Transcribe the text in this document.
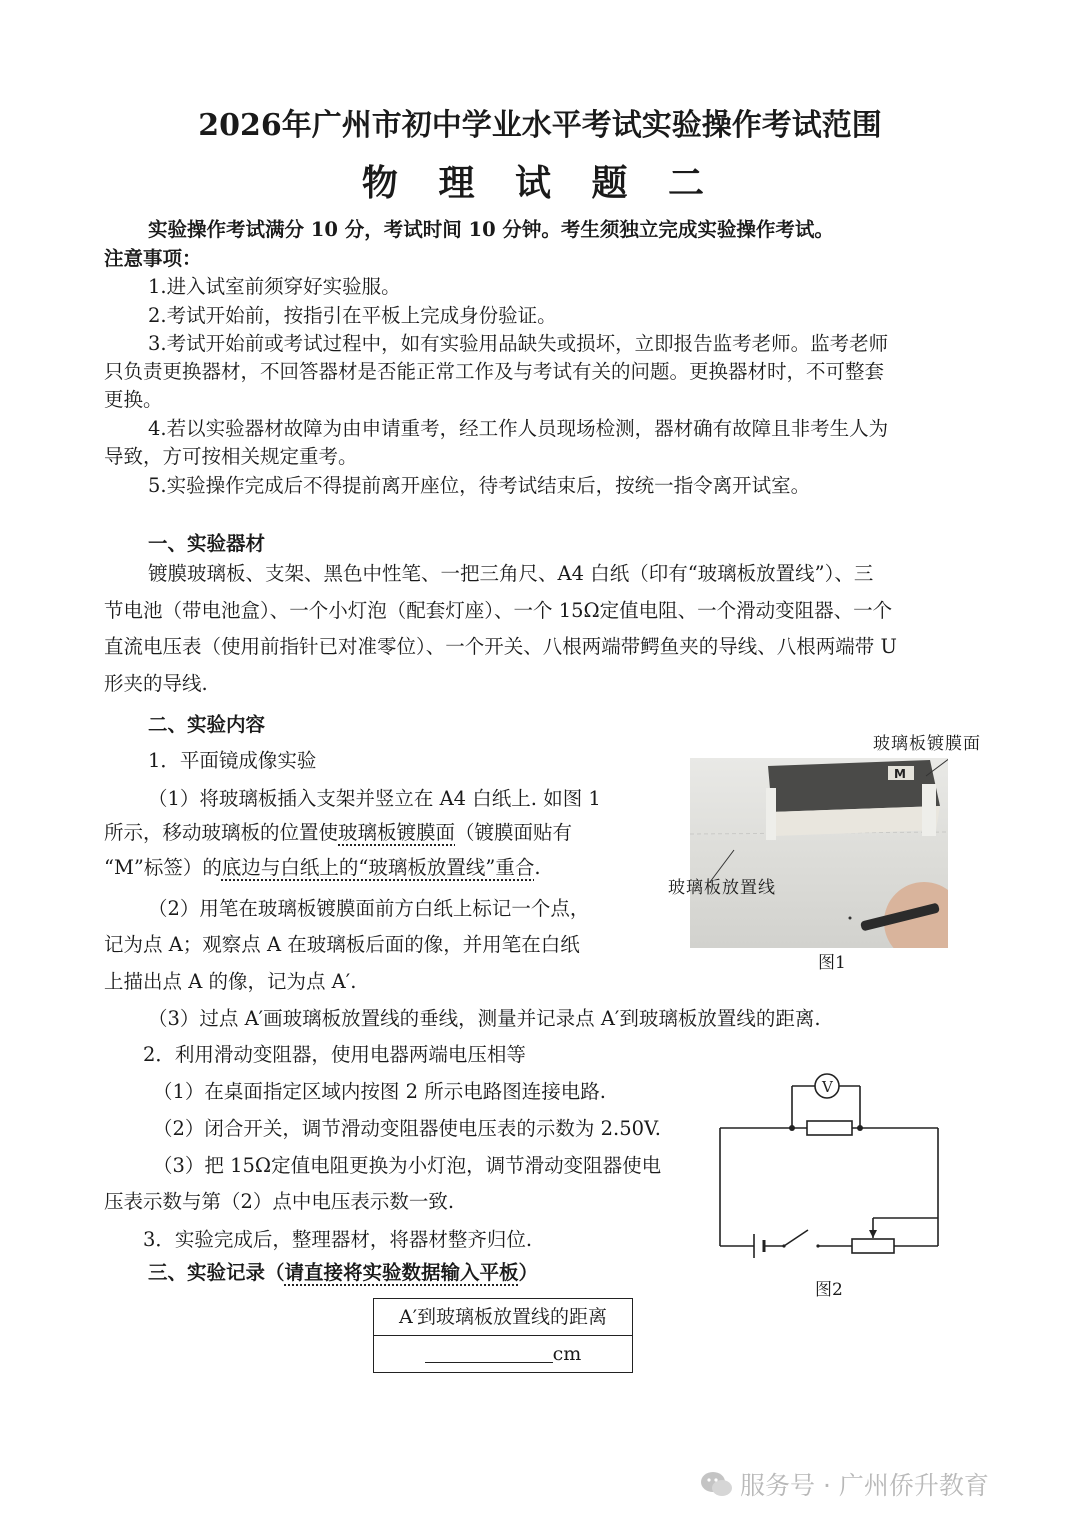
2026年广州市初中学业水平考试实验操作考试范围
物 理 试 题 二
实验操作考试满分 10 分，考试时间 10 分钟。考生须独立完成实验操作考试。
注意事项：
1.进入试室前须穿好实验服。
2.考试开始前，按指引在平板上完成身份验证。
3.考试开始前或考试过程中，如有实验用品缺失或损坏，立即报告监考老师。监考老师
只负责更换器材，不回答器材是否能正常工作及与考试有关的问题。更换器材时，不可整套
更换。
4.若以实验器材故障为由申请重考，经工作人员现场检测，器材确有故障且非考生人为
导致，方可按相关规定重考。
5.实验操作完成后不得提前离开座位，待考试结束后，按统一指令离开试室。
一、实验器材
镀膜玻璃板、支架、黑色中性笔、一把三角尺、A4 白纸（印有“玻璃板放置线”）、三
节电池（带电池盒）、一个小灯泡（配套灯座）、一个 15Ω定值电阻、一个滑动变阻器、一个
直流电压表（使用前指针已对准零位）、一个开关、八根两端带鳄鱼夹的导线、八根两端带 U
形夹的导线.
二、实验内容
1．平面镜成像实验
（1）将玻璃板插入支架并竖立在 A4 白纸上. 如图 1
所示，移动玻璃板的位置使玻璃板镀膜面（镀膜面贴有
“M”标签）的底边与白纸上的“玻璃板放置线”重合.
（2）用笔在玻璃板镀膜面前方白纸上标记一个点，
记为点 A；观察点 A 在玻璃板后面的像，并用笔在白纸
上描出点 A 的像，记为点 A′.
（3）过点 A′画玻璃板放置线的垂线，测量并记录点 A′到玻璃板放置线的距离.
2．利用滑动变阻器，使用电器两端电压相等
（1）在桌面指定区域内按图 2 所示电路图连接电路.
（2）闭合开关，调节滑动变阻器使电压表的示数为 2.50V.
（3）把 15Ω定值电阻更换为小灯泡，调节滑动变阻器使电
压表示数与第（2）点中电压表示数一致.
3．实验完成后，整理器材，将器材整齐归位.
三、实验记录（请直接将实验数据输入平板）
A′到玻璃板放置线的距离
cm
玻璃板镀膜面
M
玻璃板放置线
图1
V
图2
服务号 · 广州侨升教育
